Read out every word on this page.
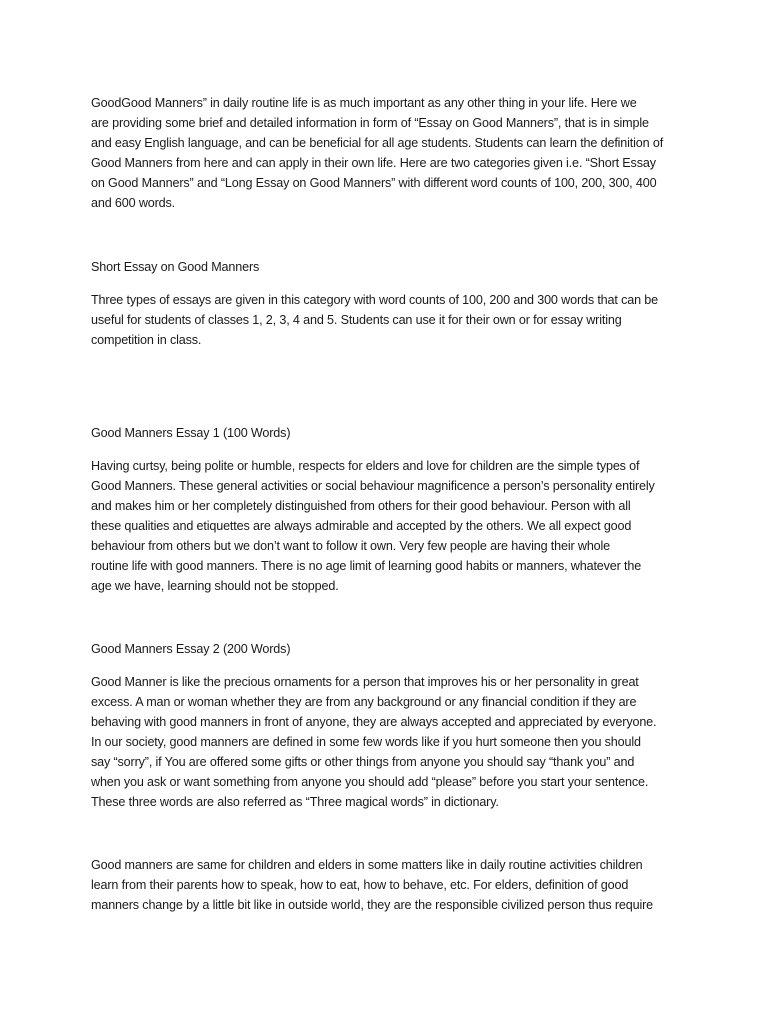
GoodGood Manners” in daily routine life is as much important as any other thing in your life. Here we
are providing some brief and detailed information in form of “Essay on Good Manners”, that is in simple
and easy English language, and can be beneficial for all age students. Students can learn the definition of
Good Manners from here and can apply in their own life. Here are two categories given i.e. “Short Essay
on Good Manners” and “Long Essay on Good Manners” with different word counts of 100, 200, 300, 400
and 600 words.

Short Essay on Good Manners

Three types of essays are given in this category with word counts of 100, 200 and 300 words that can be
useful for students of classes 1, 2, 3, 4 and 5. Students can use it for their own or for essay writing
competition in class.

Good Manners Essay 1 (100 Words)

Having curtsy, being polite or humble, respects for elders and love for children are the simple types of
Good Manners. These general activities or social behaviour magnificence a person’s personality entirely
and makes him or her completely distinguished from others for their good behaviour. Person with all
these qualities and etiquettes are always admirable and accepted by the others. We all expect good
behaviour from others but we don’t want to follow it own. Very few people are having their whole
routine life with good manners. There is no age limit of learning good habits or manners, whatever the
age we have, learning should not be stopped.

Good Manners Essay 2 (200 Words)

Good Manner is like the precious ornaments for a person that improves his or her personality in great
excess. A man or woman whether they are from any background or any financial condition if they are
behaving with good manners in front of anyone, they are always accepted and appreciated by everyone.
In our society, good manners are defined in some few words like if you hurt someone then you should
say “sorry”, if You are offered some gifts or other things from anyone you should say “thank you” and
when you ask or want something from anyone you should add “please” before you start your sentence.
These three words are also referred as “Three magical words” in dictionary.

Good manners are same for children and elders in some matters like in daily routine activities children
learn from their parents how to speak, how to eat, how to behave, etc. For elders, definition of good
manners change by a little bit like in outside world, they are the responsible civilized person thus require
